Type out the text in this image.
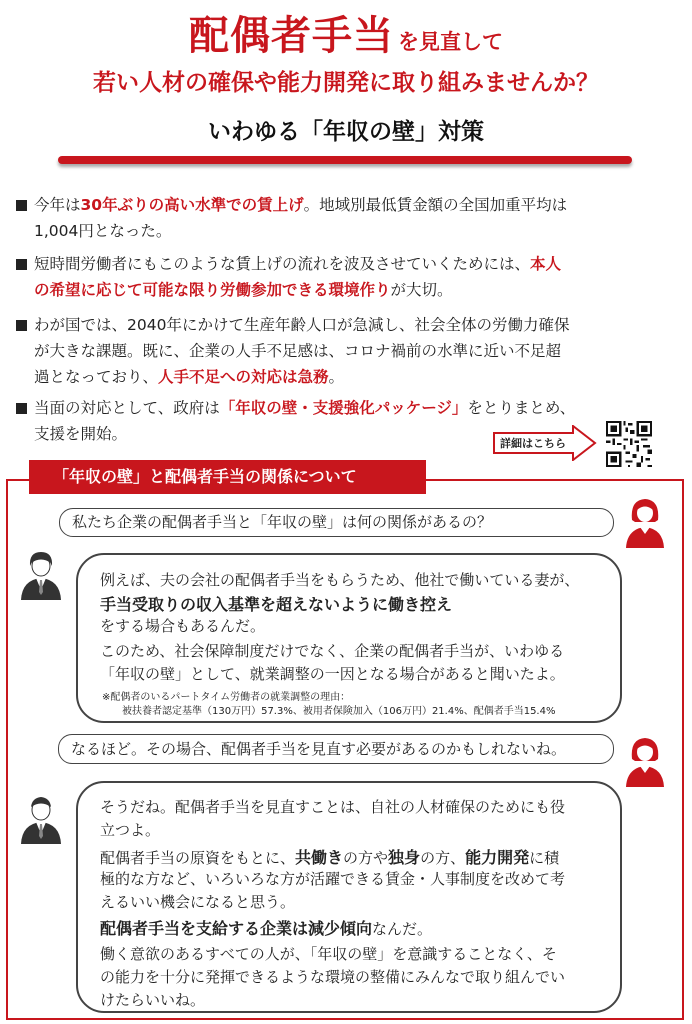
配偶者手当 を見直して
若い人材の確保や能力開発に取り組みませんか？
いわゆる「年収の壁」対策
今年は30年ぶりの高い水準での賃上げ。地域別最低賃金額の全国加重平均は
1,004円となった。
短時間労働者にもこのような賃上げの流れを波及させていくためには、本人
の希望に応じて可能な限り労働参加できる環境作りが大切。
わが国では、2040年にかけて生産年齢人口が急減し、社会全体の労働力確保
が大きな課題。既に、企業の人手不足感は、コロナ禍前の水準に近い不足超
過となっており、人手不足への対応は急務。
当面の対応として、政府は「年収の壁・支援強化パッケージ」をとりまとめ、
支援を開始。
詳細はこちら
「年収の壁」と配偶者手当の関係について
私たち企業の配偶者手当と「年収の壁」は何の関係があるの？
例えば、夫の会社の配偶者手当をもらうため、他社で働いている妻が、
手当受取りの収入基準を超えないように働き控え
をする場合もあるんだ。
このため、社会保障制度だけでなく、企業の配偶者手当が、いわゆる
「年収の壁」として、就業調整の一因となる場合があると聞いたよ。
※配偶者のいるパートタイム労働者の就業調整の理由：
被扶養者認定基準（130万円）57.3%、被用者保険加入（106万円）21.4%、配偶者手当15.4%
なるほど。その場合、配偶者手当を見直す必要があるのかもしれないね。
そうだね。配偶者手当を見直すことは、自社の人材確保のためにも役
立つよ。
配偶者手当の原資をもとに、共働きの方や独身の方、能力開発に積
極的な方など、いろいろな方が活躍できる賃金・人事制度を改めて考
えるいい機会になると思う。
配偶者手当を支給する企業は減少傾向なんだ。
働く意欲のあるすべての人が、「年収の壁」を意識することなく、そ
の能力を十分に発揮できるような環境の整備にみんなで取り組んでい
けたらいいね。
